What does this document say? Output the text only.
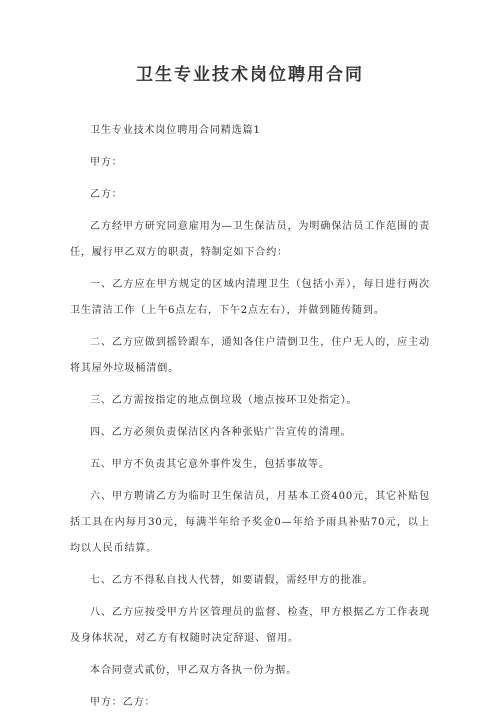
卫生专业技术岗位聘用合同

卫生专业技术岗位聘用合同精选篇1

甲方：

乙方：

乙方经甲方研究同意雇用为—卫生保洁员，为明确保洁员工作范围的责任，履行甲乙双方的职责，特制定如下合约：

一、乙方应在甲方规定的区域内清理卫生（包括小弄），每日进行两次卫生清洁工作（上午6点左右，下午2点左右），并做到随传随到。

二、乙方应做到摇铃跟车，通知各住户清倒卫生，住户无人的，应主动将其屋外垃圾桶清倒。

三、乙方需按指定的地点倒垃圾（地点按环卫处指定）。

四、乙方必须负责保洁区内各种张贴广告宣传的清理。

五、甲方不负责其它意外事件发生，包括事故等。

六、甲方聘请乙方为临时卫生保洁员，月基本工资400元，其它补贴包括工具在内每月30元，每满半年给予奖金0—年给予雨具补贴70元，以上均以人民币结算。

七、乙方不得私自找人代替，如要请假，需经甲方的批准。

八、乙方应按受甲方片区管理员的监督、检查，甲方根据乙方工作表现及身体状况，对乙方有权随时决定辞退、留用。

本合同壹式贰份，甲乙双方各执一份为据。

甲方：乙方：
